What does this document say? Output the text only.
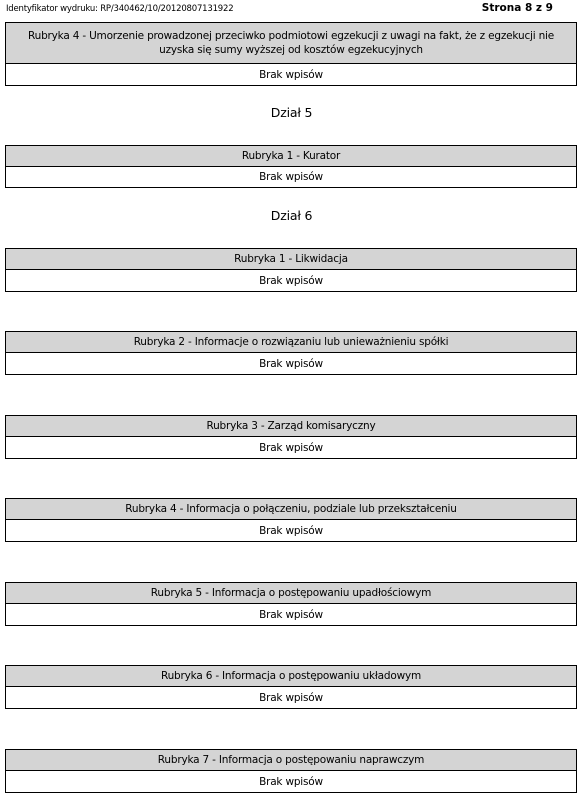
Identyfikator wydruku: RP/340462/10/20120807131922	Strona 8 z 9
Rubryka 4 - Umorzenie prowadzonej przeciwko podmiotowi egzekucji z uwagi na fakt, że z egzekucji nie uzyska się sumy wyższej od kosztów egzekucyjnych
Brak wpisów
Dział 5
Rubryka 1 - Kurator
Brak wpisów
Dział 6
Rubryka 1 - Likwidacja
Brak wpisów
Rubryka 2 - Informacje o rozwiązaniu lub unieważnieniu spółki
Brak wpisów
Rubryka 3 - Zarząd komisaryczny
Brak wpisów
Rubryka 4 - Informacja o połączeniu, podziale lub przekształceniu
Brak wpisów
Rubryka 5 - Informacja o postępowaniu upadłościowym
Brak wpisów
Rubryka 6 - Informacja o postępowaniu układowym
Brak wpisów
Rubryka 7 - Informacja o postępowaniu naprawczym
Brak wpisów
